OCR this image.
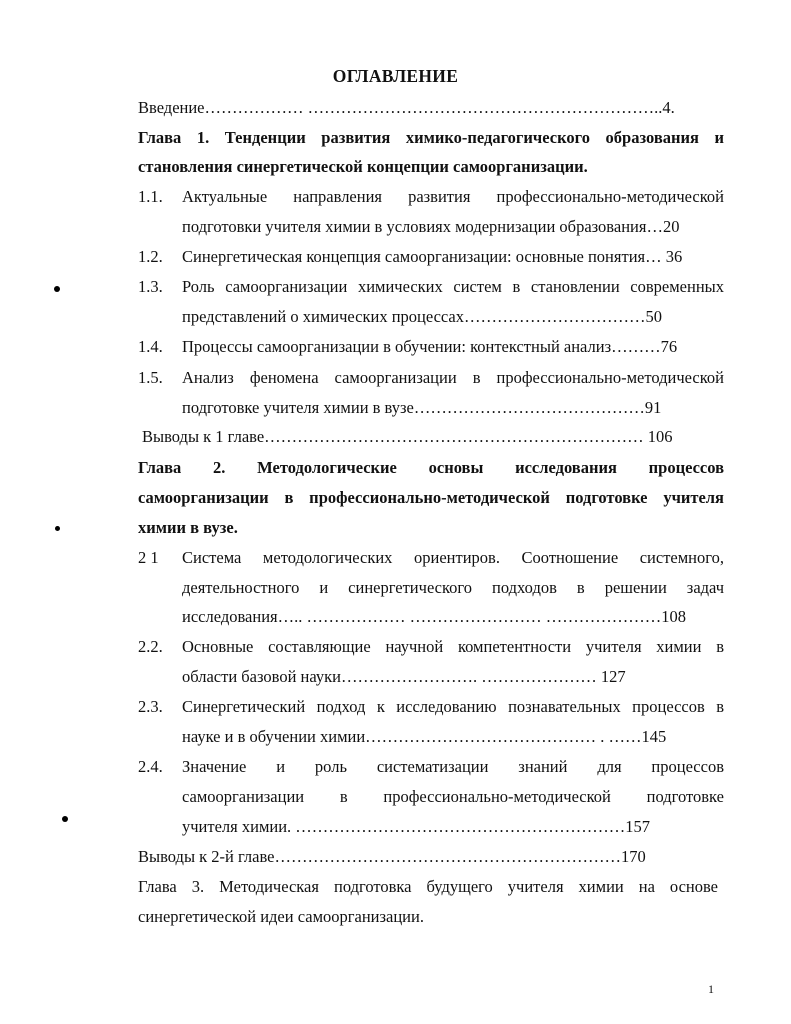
ОГЛАВЛЕНИЕ
Введение……………… ………………………………………………………..4.
Глава 1. Тенденции развития химико-педагогического образования и
становления синергетической концепции самоорганизации.
1.1. Актуальные направления развития профессионально-методической
подготовки учителя химии в условиях модернизации образования…20
1.2. Синергетическая концепция самоорганизации: основные понятия… 36
1.3. Роль самоорганизации химических систем в становлении современных
представлений о химических процессах……………………………50
1.4. Процессы самоорганизации в обучении: контекстный анализ………76
1.5. Анализ феномена самоорганизации в профессионально-методической
подготовке учителя химии в вузе……………………………………91
Выводы к 1 главе…………………………………………………………… 106
Глава 2. Методологические основы исследования процессов
самоорганизации в профессионально-методической подготовке учителя
химии в вузе.
2 1 Система методологических ориентиров. Соотношение системного,
деятельностного и синергетического подходов в решении задач
исследования….. ……………… …………………… …………………108
2.2. Основные составляющие научной компетентности учителя химии в
области базовой науки……………………. ………………… 127
2.3. Синергетический подход к исследованию познавательных процессов в
науке и в обучении химии…………………………………… . ……145
2.4. Значение и роль систематизации знаний для процессов
самоорганизации в профессионально-методической подготовке
учителя химии. ……………………………………………………157
Выводы к 2-й главе………………………………………………………170
Глава 3. Методическая подготовка будущего учителя химии на основе
синергетической идеи самоорганизации.
1
